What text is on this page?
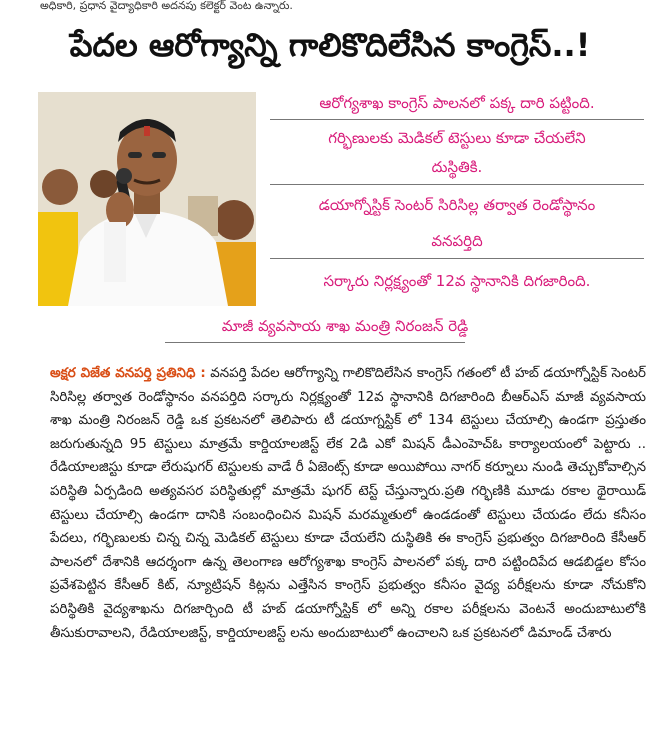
అధికారి, ప్రధాన వైద్యాధికారి అదనపు కలెక్టర్ వెంట ఉన్నారు.
పేదల ఆరోగ్యాన్ని గాలికొదిలేసిన కాంగ్రెస్..!
ఆరోగ్యశాఖ కాంగ్రెస్ పాలనలో పక్క దారి పట్టింది.
గర్భిణులకు మెడికల్ టెస్టులు కూడా చేయలేని
దుస్థితికి.
డయాగ్నోస్టిక్ సెంటర్ సిరిసిల్ల తర్వాత రెండోస్థానం
వనపర్తిది
సర్కారు నిర్లక్ష్యంతో 12వ స్థానానికి దిగజారింది.
మాజీ వ్యవసాయ శాఖ మంత్రి నిరంజన్ రెడ్డి
అక్షర విజేత వనపర్తి ప్రతినిధి : వనపర్తి పేదల ఆరోగ్యాన్ని గాలికొదిలేసిన కాంగ్రెస్ గతంలో టీ హబ్ డయాగ్నోస్టిక్ సెంటర్ సిరిసిల్ల తర్వాత రెండోస్థానం వనపర్తిది సర్కారు నిర్లక్ష్యంతో 12వ స్థానానికి దిగజారింది బీఆర్ఎస్ మాజీ వ్యవసాయ శాఖ మంత్రి నిరంజన్ రెడ్డి ఒక ప్రకటనలో తెలిపారు టీ డయాగ్నస్టిక్ లో 134 టెస్టులు చేయాల్సి ఉండగా ప్రస్తుతం జరుగుతున్నది 95 టెస్టులు మాత్రమే కార్డియాలజిస్ట్ లేక 2డి ఎకో మిషన్ డీఎంహెచ్ఓ కార్యాలయంలో పెట్టారు .. రేడియాలజిస్టు కూడా లేరుషుగర్ టెస్టులకు వాడే రీ ఏజెంట్స్ కూడా అయిపోయి నాగర్ కర్నూలు నుండి తెచ్చుకోవాల్సిన పరిస్థితి ఏర్పడింది అత్యవసర పరిస్థితుల్లో మాత్రమే షుగర్ టెస్ట్ చేస్తున్నారు.ప్రతి గర్భిణికి మూడు రకాల థైరాయిడ్ టెస్టులు చేయాల్సి ఉండగా దానికి సంబంధించిన మిషన్ మరమ్మతులో ఉండడంతో టెస్టులు చేయడం లేదు కనీసం పేదలు, గర్భిణులకు చిన్న చిన్న మెడికల్ టెస్టులు కూడా చేయలేని దుస్థితికి ఈ కాంగ్రెస్ ప్రభుత్వం దిగజారింది కేసీఆర్ పాలనలో దేశానికి ఆదర్శంగా ఉన్న తెలంగాణ ఆరోగ్యశాఖ కాంగ్రెస్ పాలనలో పక్క దారి పట్టిందిపేద ఆడబిడ్డల కోసం ప్రవేశపెట్టిన కేసీఆర్ కిట్, న్యూట్రిషన్ కిట్లను ఎత్తేసిన కాంగ్రెస్ ప్రభుత్వం కనీసం వైద్య పరీక్షలను కూడా నోచుకోని పరిస్థితికి వైద్యశాఖను దిగజార్చింది టీ హబ్ డయాగ్నోస్టిక్ లో అన్ని రకాల పరీక్షలను వెంటనే అందుబాటులోకి తీసుకురావాలని, రేడియాలజిస్ట్, కార్డియాలజిస్ట్ లను అందుబాటులో ఉంచాలని ఒక ప్రకటనలో డిమాండ్ చేశారు
